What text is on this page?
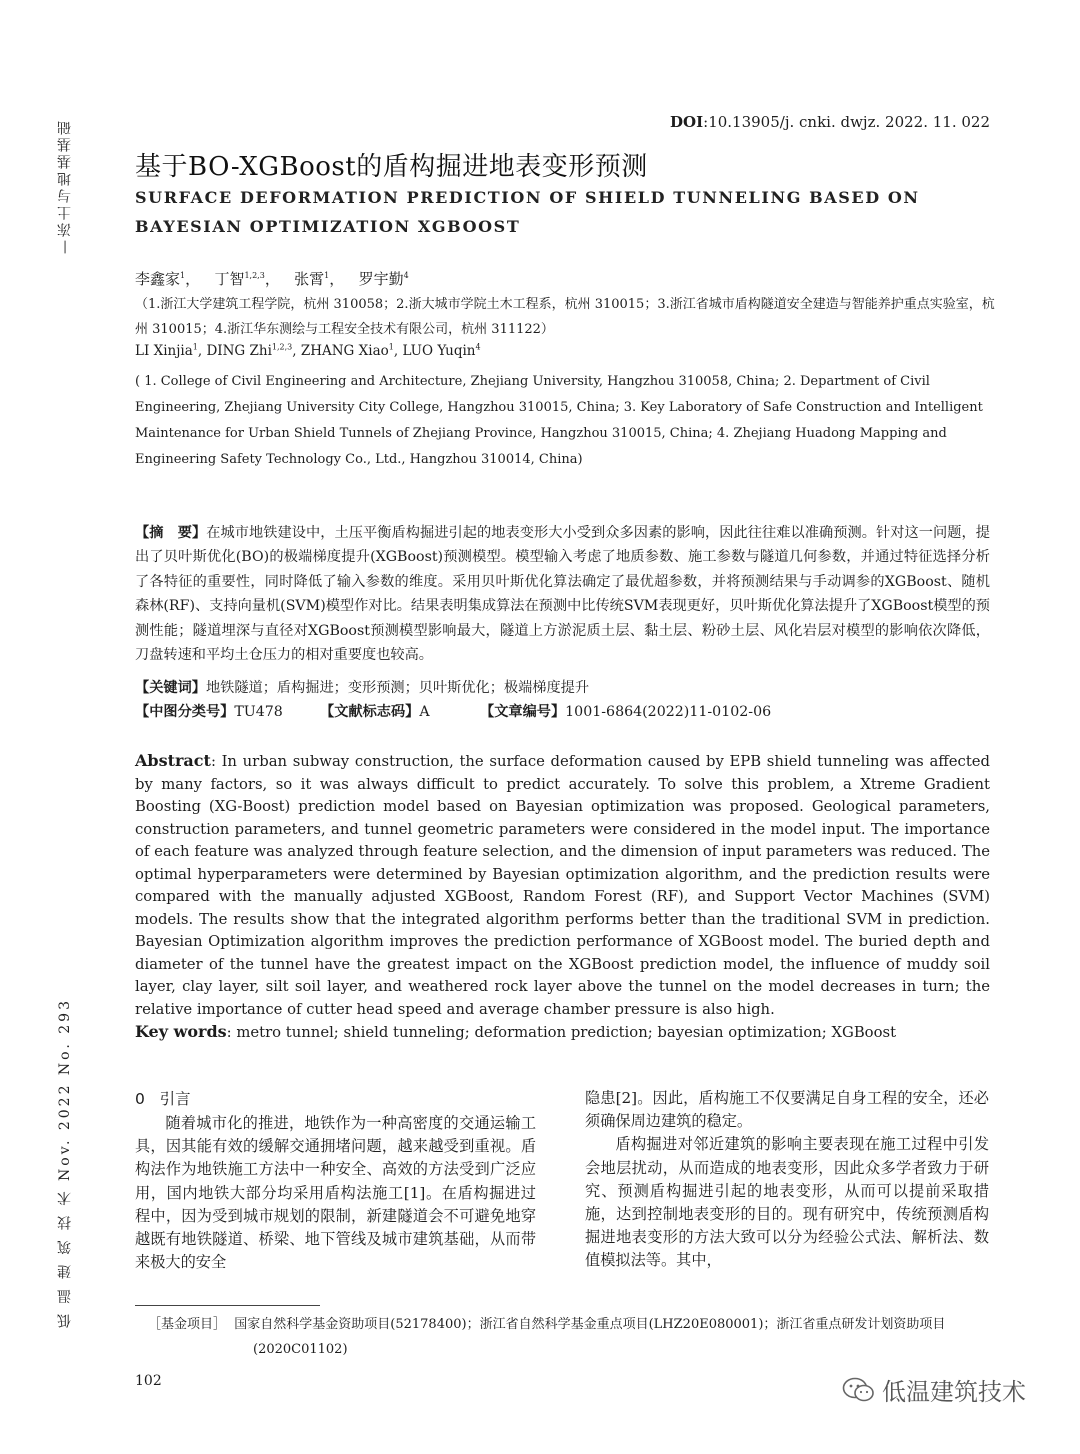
—冻土与地基基础
低 温 建 筑 技 术 Nov. 2022 No. 293
DOI:10.13905/j. cnki. dwjz. 2022. 11. 022
基于BO-XGBoost的盾构掘进地表变形预测
SURFACE DEFORMATION PREDICTION OF SHIELD TUNNELING BASED ON BAYESIAN OPTIMIZATION XGBOOST
李鑫家$^1$， 丁智$^{1,2,3}$， 张霄$^1$， 罗宇勤$^4$
（1.浙江大学建筑工程学院，杭州 310058；2.浙大城市学院土木工程系，杭州 310015；3.浙江省城市盾构隧道安全建造与智能养护重点实验室，杭州 310015；4.浙江华东测绘与工程安全技术有限公司，杭州 311122）
LI Xinjia$^1$, DING Zhi$^{1,2,3}$, ZHANG Xiao$^1$, LUO Yuqin$^4$
( 1. College of Civil Engineering and Architecture, Zhejiang University, Hangzhou 310058, China; 2. Department of Civil Engineering, Zhejiang University City College, Hangzhou 310015, China; 3. Key Laboratory of Safe Construction and Intelligent Maintenance for Urban Shield Tunnels of Zhejiang Province, Hangzhou 310015, China; 4. Zhejiang Huadong Mapping and Engineering Safety Technology Co., Ltd., Hangzhou 310014, China)
【摘　要】在城市地铁建设中，土压平衡盾构掘进引起的地表变形大小受到众多因素的影响，因此往往难以准确预测。针对这一问题，提出了贝叶斯优化(BO)的极端梯度提升(XGBoost)预测模型。模型输入考虑了地质参数、施工参数与隧道几何参数，并通过特征选择分析了各特征的重要性，同时降低了输入参数的维度。采用贝叶斯优化算法确定了最优超参数，并将预测结果与手动调参的XGBoost、随机森林(RF)、支持向量机(SVM)模型作对比。结果表明集成算法在预测中比传统SVM表现更好，贝叶斯优化算法提升了XGBoost模型的预测性能；隧道埋深与直径对XGBoost预测模型影响最大，隧道上方淤泥质土层、黏土层、粉砂土层、风化岩层对模型的影响依次降低，刀盘转速和平均土仓压力的相对重要度也较高。
【关键词】地铁隧道；盾构掘进；变形预测；贝叶斯优化；极端梯度提升
【中图分类号】TU478	【文献标志码】A	【文章编号】1001-6864(2022)11-0102-06
Abstract: In urban subway construction, the surface deformation caused by EPB shield tunneling was affected by many factors, so it was always difficult to predict accurately. To solve this problem, a Xtreme Gradient Boosting (XG-Boost) prediction model based on Bayesian optimization was proposed. Geological parameters, construction parameters, and tunnel geometric parameters were considered in the model input. The importance of each feature was analyzed through feature selection, and the dimension of input parameters was reduced. The optimal hyperparameters were determined by Bayesian optimization algorithm, and the prediction results were compared with the manually adjusted XGBoost, Random Forest (RF), and Support Vector Machines (SVM) models. The results show that the integrated algorithm performs better than the traditional SVM in prediction. Bayesian Optimization algorithm improves the prediction performance of XGBoost model. The buried depth and diameter of the tunnel have the greatest impact on the XGBoost prediction model, the influence of muddy soil layer, clay layer, silt soil layer, and weathered rock layer above the tunnel on the model decreases in turn; the relative importance of cutter head speed and average chamber pressure is also high.
Key words: metro tunnel; shield tunneling; deformation prediction; bayesian optimization; XGBoost
0 引言

随着城市化的推进，地铁作为一种高密度的交通运输工具，因其能有效的缓解交通拥堵问题，越来越受到重视。盾构法作为地铁施工方法中一种安全、高效的方法受到广泛应用，国内地铁大部分均采用盾构法施工[1]。在盾构掘进过程中，因为受到城市规划的限制，新建隧道会不可避免地穿越既有地铁隧道、桥梁、地下管线及城市建筑基础，从而带来极大的安全

隐患[2]。因此，盾构施工不仅要满足自身工程的安全，还必须确保周边建筑的稳定。

盾构掘进对邻近建筑的影响主要表现在施工过程中引发会地层扰动，从而造成的地表变形，因此众多学者致力于研究、预测盾构掘进引起的地表变形，从而可以提前采取措施，达到控制地表变形的目的。现有研究中，传统预测盾构掘进地表变形的方法大致可以分为经验公式法、解析法、数值模拟法等。其中，

［基金项目］ 国家自然科学基金资助项目(52178400)；浙江省自然科学基金重点项目(LHZ20E080001)；浙江省重点研发计划资助项目
(2020C01102)
102	低温建筑技术
